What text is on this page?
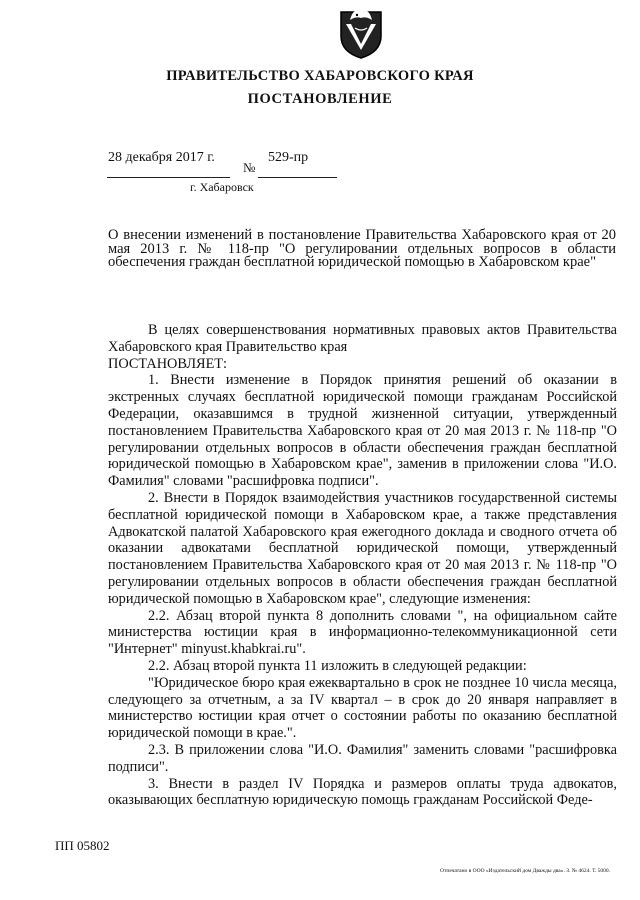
ПРАВИТЕЛЬСТВО ХАБАРОВСКОГО КРАЯ
ПОСТАНОВЛЕНИЕ
28 декабря 2017 г.
№
529-пр
г. Хабаровск
О внесении изменений в постановление Правительства Хабаровского края от 20 мая 2013 г. № 118-пр "О регулировании отдельных вопросов в области обеспечения граждан бесплатной юридической помощью в Хабаровском крае"

В целях совершенствования нормативных правовых актов Правительства Хабаровского края Правительство края

ПОСТАНОВЛЯЕТ:

1. Внести изменение в Порядок принятия решений об оказании в экстренных случаях бесплатной юридической помощи гражданам Российской Федерации, оказавшимся в трудной жизненной ситуации, утвержденный постановлением Правительства Хабаровского края от 20 мая 2013 г. № 118-пр "О регулировании отдельных вопросов в области обеспечения граждан бесплатной юридической помощью в Хабаровском крае", заменив в приложении слова "И.О. Фамилия" словами "расшифровка подписи".

2. Внести в Порядок взаимодействия участников государственной системы бесплатной юридической помощи в Хабаровском крае, а также представления Адвокатской палатой Хабаровского края ежегодного доклада и сводного отчета об оказании адвокатами бесплатной юридической помощи, утвержденный постановлением Правительства Хабаровского края от 20 мая 2013 г. № 118-пр "О регулировании отдельных вопросов в области обеспечения граждан бесплатной юридической помощью в Хабаровском крае", следующие изменения:

2.2. Абзац второй пункта 8 дополнить словами ", на официальном сайте министерства юстиции края в информационно-телекоммуникационной сети "Интернет" minyust.khabkrai.ru".

2.2. Абзац второй пункта 11 изложить в следующей редакции:

"Юридическое бюро края ежеквартально в срок не позднее 10 числа месяца, следующего за отчетным, а за IV квартал – в срок до 20 января направляет в министерство юстиции края отчет о состоянии работы по оказанию бесплатной юридической помощи в крае.".

2.3. В приложении слова "И.О. Фамилия" заменить словами "расшифровка подписи".

3. Внести в раздел IV Порядка и размеров оплаты труда адвокатов, оказывающих бесплатную юридическую помощь гражданам Российской Феде-

ПП 05802
Отпечатано в ООО «Издательский дом Дважды два». З. № 4624. Т. 5000.
